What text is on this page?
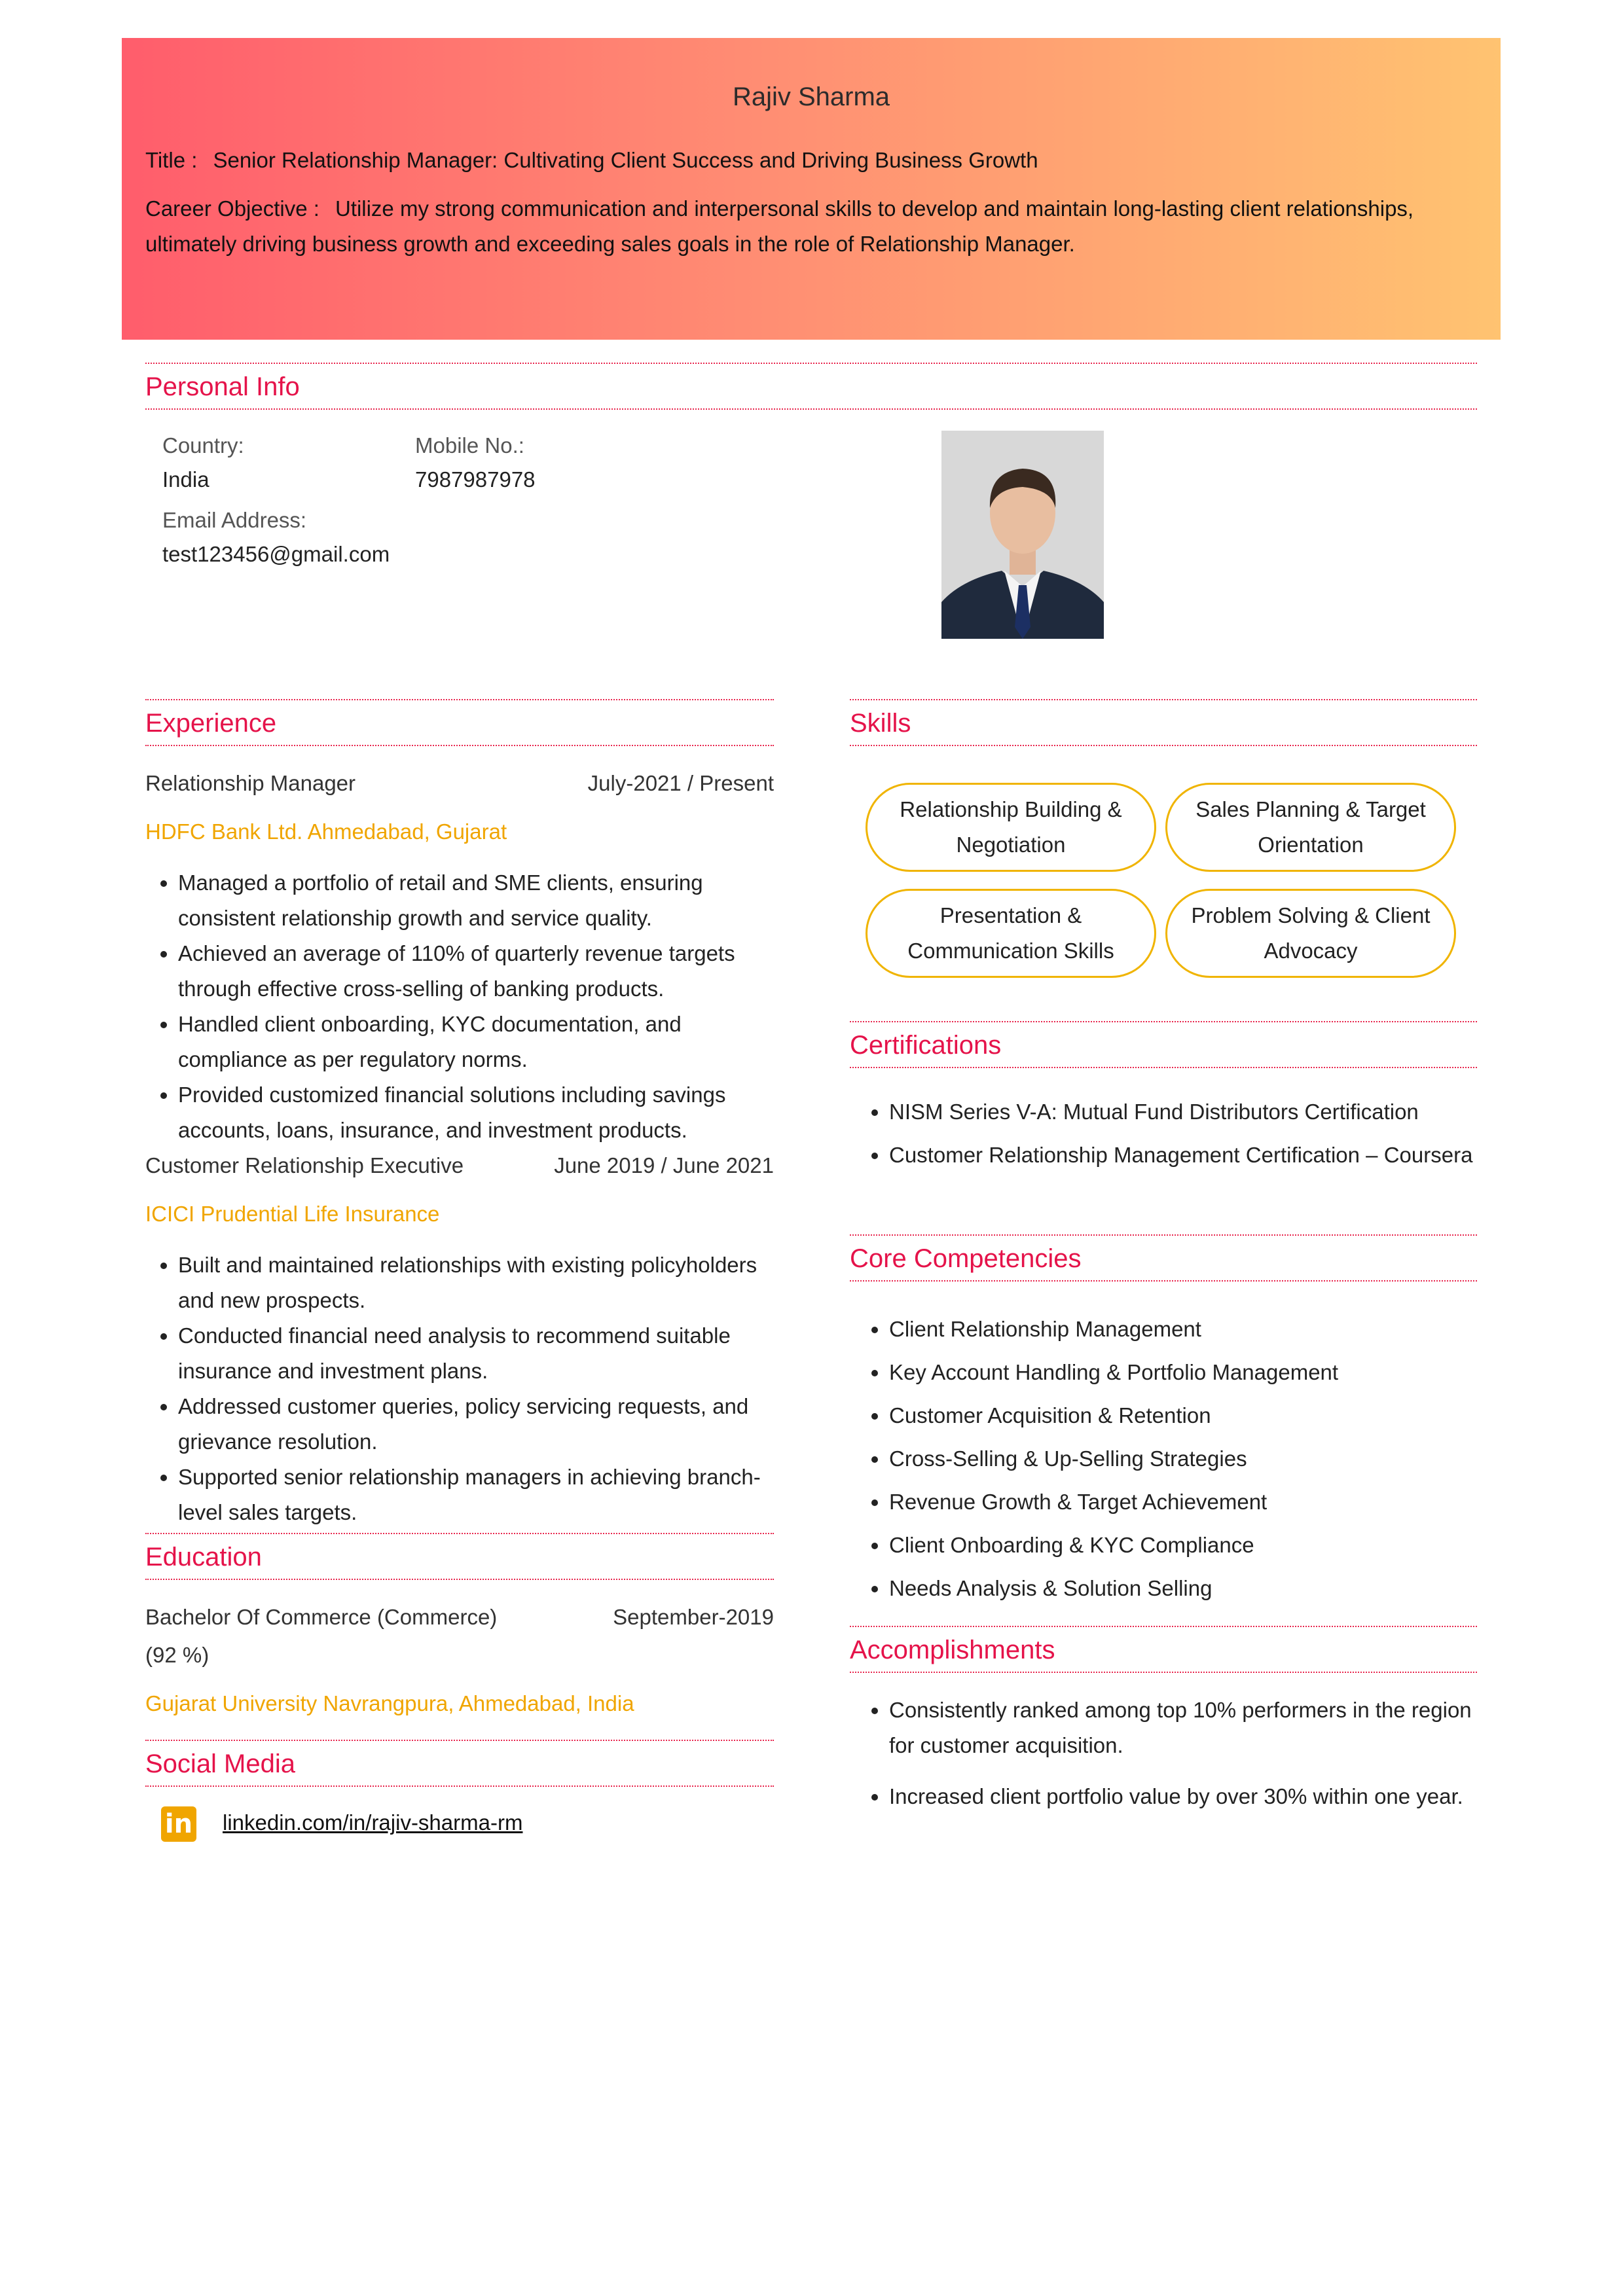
Rajiv Sharma
Title : Senior Relationship Manager: Cultivating Client Success and Driving Business Growth
Career Objective : Utilize my strong communication and interpersonal skills to develop and maintain long-lasting client relationships, ultimately driving business growth and exceeding sales goals in the role of Relationship Manager.
Personal Info
Country:
India
Mobile No.:
7987987978
Email Address:
test123456@gmail.com
Experience
Relationship Manager	July-2021 / Present
HDFC Bank Ltd. Ahmedabad, Gujarat
• Managed a portfolio of retail and SME clients, ensuring consistent relationship growth and service quality.
• Achieved an average of 110% of quarterly revenue targets through effective cross-selling of banking products.
• Handled client onboarding, KYC documentation, and compliance as per regulatory norms.
• Provided customized financial solutions including savings accounts, loans, insurance, and investment products.
Customer Relationship Executive	June 2019 / June 2021
ICICI Prudential Life Insurance
• Built and maintained relationships with existing policyholders and new prospects.
• Conducted financial need analysis to recommend suitable insurance and investment plans.
• Addressed customer queries, policy servicing requests, and grievance resolution.
• Supported senior relationship managers in achieving branch-level sales targets.
Education
Bachelor Of Commerce (Commerce)	September-2019
(92 %)
Gujarat University Navrangpura, Ahmedabad, India
Social Media
in linkedin.com/in/rajiv-sharma-rm
Skills
Relationship Building & Negotiation
Sales Planning & Target Orientation
Presentation & Communication Skills
Problem Solving & Client Advocacy
Certifications
• NISM Series V-A: Mutual Fund Distributors Certification
• Customer Relationship Management Certification – Coursera
Core Competencies
• Client Relationship Management
• Key Account Handling & Portfolio Management
• Customer Acquisition & Retention
• Cross-Selling & Up-Selling Strategies
• Revenue Growth & Target Achievement
• Client Onboarding & KYC Compliance
• Needs Analysis & Solution Selling
Accomplishments
• Consistently ranked among top 10% performers in the region for customer acquisition.
• Increased client portfolio value by over 30% within one year.
